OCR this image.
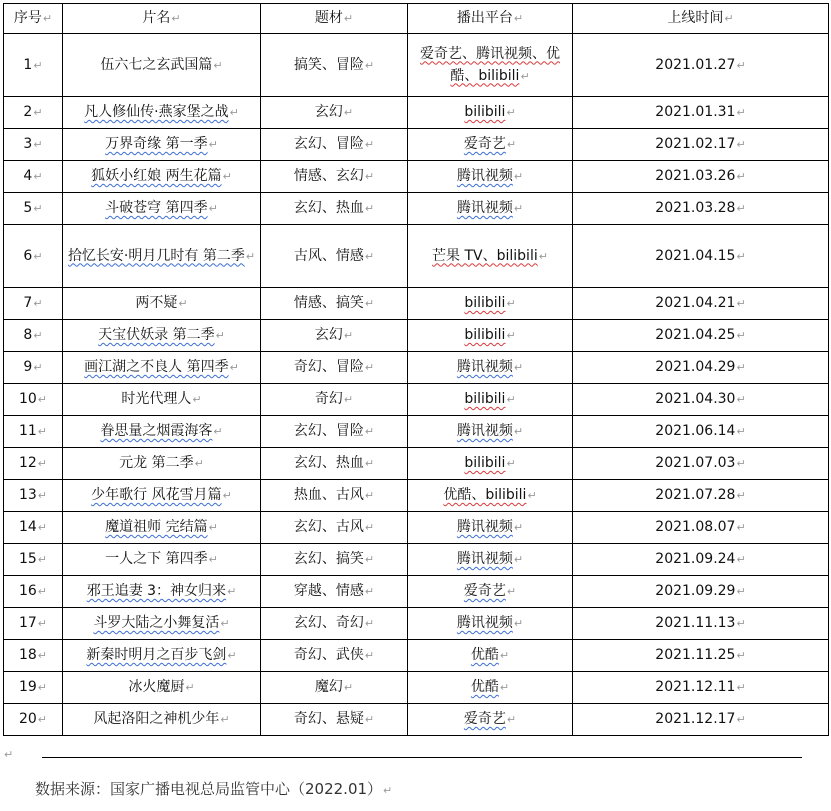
序号↵	片名↵	题材↵	播出平台↵	上线时间↵
1↵	伍六七之玄武国篇↵	搞笑、冒险↵	爱奇艺、腾讯视频、优酷、bilibili↵	2021.01.27↵
2↵	凡人修仙传·燕家堡之战↵	玄幻↵	bilibili↵	2021.01.31↵
3↵	万界奇缘 第一季↵	玄幻、冒险↵	爱奇艺↵	2021.02.17↵
4↵	狐妖小红娘 两生花篇↵	情感、玄幻↵	腾讯视频↵	2021.03.26↵
5↵	斗破苍穹 第四季↵	玄幻、热血↵	腾讯视频↵	2021.03.28↵
6↵	拾忆长安·明月几时有 第二季↵	古风、情感↵	芒果 TV、bilibili↵	2021.04.15↵
7↵	两不疑↵	情感、搞笑↵	bilibili↵	2021.04.21↵
8↵	天宝伏妖录 第二季↵	玄幻↵	bilibili↵	2021.04.25↵
9↵	画江湖之不良人 第四季↵	奇幻、冒险↵	腾讯视频↵	2021.04.29↵
10↵	时光代理人↵	奇幻↵	bilibili↵	2021.04.30↵
11↵	眷思量之烟霞海客↵	玄幻、冒险↵	腾讯视频↵	2021.06.14↵
12↵	元龙 第二季↵	玄幻、热血↵	bilibili↵	2021.07.03↵
13↵	少年歌行 风花雪月篇↵	热血、古风↵	优酷、bilibili↵	2021.07.28↵
14↵	魔道祖师 完结篇↵	玄幻、古风↵	腾讯视频↵	2021.08.07↵
15↵	一人之下 第四季↵	玄幻、搞笑↵	腾讯视频↵	2021.09.24↵
16↵	邪王追妻 3：神女归来↵	穿越、情感↵	爱奇艺↵	2021.09.29↵
17↵	斗罗大陆之小舞复活↵	玄幻、奇幻↵	腾讯视频↵	2021.11.13↵
18↵	新秦时明月之百步飞剑↵	奇幻、武侠↵	优酷↵	2021.11.25↵
19↵	冰火魔厨↵	魔幻↵	优酷↵	2021.12.11↵
20↵	风起洛阳之神机少年↵	奇幻、悬疑↵	爱奇艺↵	2021.12.17↵
↵
数据来源：国家广播电视总局监管中心（2022.01）↵
